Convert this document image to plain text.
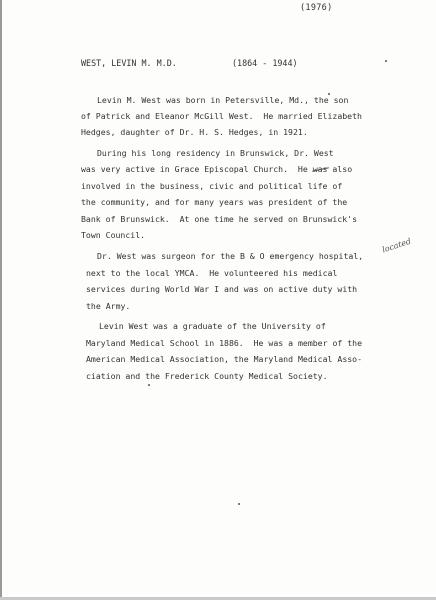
(1976)
WEST, LEVIN M. M.D.	(1864 - 1944)
Levin M. West was born in Petersville, Md., the son
of Patrick and Eleanor McGill West.  He married Elizabeth
Hedges, daughter of Dr. H. S. Hedges, in 1921.
During his long residency in Brunswick, Dr. West
was very active in Grace Episcopal Church.  He was also
involved in the business, civic and political life of
the community, and for many years was president of the
Bank of Brunswick.  At one time he served on Brunswick's
Town Council.
Dr. West was surgeon for the B & O emergency hospital,
located
next to the local YMCA.  He volunteered his medical
services during World War I and was on active duty with
the Army.
Levin West was a graduate of the University of
Maryland Medical School in 1886.  He was a member of the
American Medical Association, the Maryland Medical Asso-
ciation and the Frederick County Medical Society.
